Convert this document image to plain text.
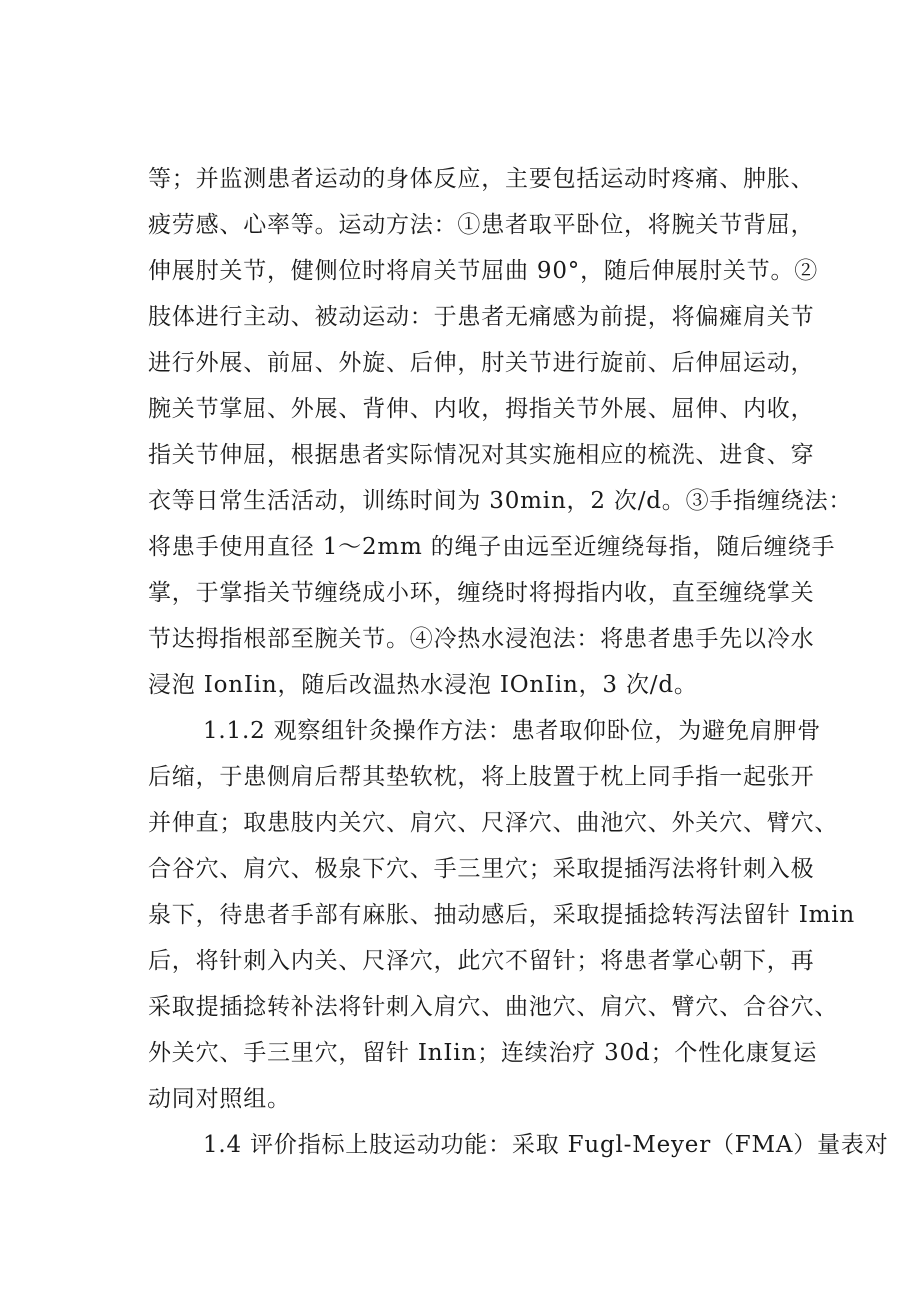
等；并监测患者运动的身体反应，主要包括运动时疼痛、肿胀、
疲劳感、心率等。运动方法：①患者取平卧位，将腕关节背屈，
伸展肘关节，健侧位时将肩关节屈曲 90°，随后伸展肘关节。②
肢体进行主动、被动运动：于患者无痛感为前提，将偏瘫肩关节
进行外展、前屈、外旋、后伸，肘关节进行旋前、后伸屈运动，
腕关节掌屈、外展、背伸、内收，拇指关节外展、屈伸、内收，
指关节伸屈，根据患者实际情况对其实施相应的梳洗、进食、穿
衣等日常生活活动，训练时间为 30min，2 次/d。③手指缠绕法：
将患手使用直径 1～2mm 的绳子由远至近缠绕每指，随后缠绕手
掌，于掌指关节缠绕成小环，缠绕时将拇指内收，直至缠绕掌关
节达拇指根部至腕关节。④冷热水浸泡法：将患者患手先以冷水
浸泡 IonIin，随后改温热水浸泡 IOnIin，3 次/d。
1.1.2 观察组针灸操作方法：患者取仰卧位，为避免肩胛骨
后缩，于患侧肩后帮其垫软枕，将上肢置于枕上同手指一起张开
并伸直；取患肢内关穴、肩穴、尺泽穴、曲池穴、外关穴、臂穴、
合谷穴、肩穴、极泉下穴、手三里穴；采取提插泻法将针刺入极
泉下，待患者手部有麻胀、抽动感后，采取提插捻转泻法留针 Imin
后，将针刺入内关、尺泽穴，此穴不留针；将患者掌心朝下，再
采取提插捻转补法将针刺入肩穴、曲池穴、肩穴、臂穴、合谷穴、
外关穴、手三里穴，留针 InIin；连续治疗 30d；个性化康复运
动同对照组。
1.4 评价指标上肢运动功能：采取 Fugl-Meyer（FMA）量表对
